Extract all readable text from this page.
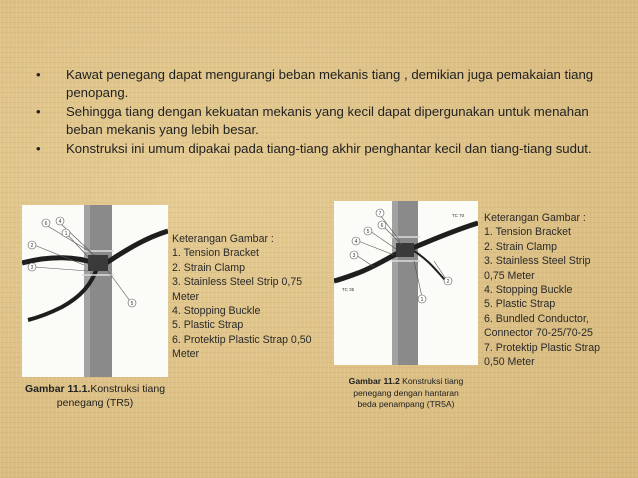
• Kawat penegang dapat mengurangi beban mekanis tiang , demikian juga pemakaian tiang penopang.
• Sehingga tiang dengan kekuatan mekanis yang kecil dapat dipergunakan untuk menahan beban mekanis yang lebih besar.
• Konstruksi ini umum dipakai pada tiang-tiang akhir penghantar kecil dan tiang-tiang sudut.
6 4
1
2
3
5
Keterangan Gambar :
1. Tension Bracket
2. Strain Clamp
3. Stainless Steel Strip 0,75 Meter
4. Stopping Buckle
5. Plastic Strap
6. Protektip Plastic Strap 0,50 Meter
Gambar 11.1.Konstruksi tiang penegang (TR5)
7
6
5
4
3
2
1
TC 70
TC 35
Gambar 11.2 Konstruksi tiang penegang dengan hantaran beda penampang (TR5A)
Keterangan Gambar :
1. Tension Bracket
2. Strain Clamp
3. Stainless Steel Strip 0,75 Meter
4. Stopping Buckle
5. Plastic Strap
6. Bundled Conductor, Connector 70-25/70-25
7. Protektip Plastic Strap 0,50 Meter
